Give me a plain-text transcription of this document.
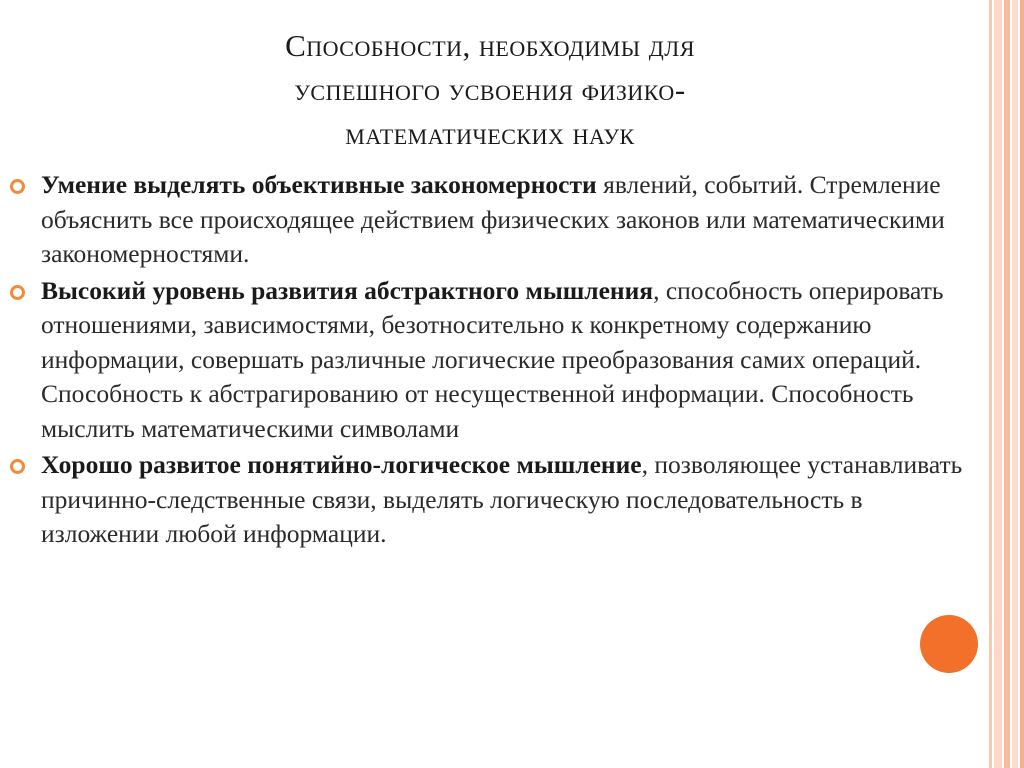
Способности, необходимы для
успешного усвоения физико-
математических наук
Умение выделять объективные закономерности явлений, событий. Стремление объяснить все происходящее действием физических законов или математическими закономерностями.
Высокий уровень развития абстрактного мышления, способность оперировать отношениями, зависимостями, безотносительно к конкретному содержанию информации, совершать различные логические преобразования самих операций. Способность к абстрагированию от несущественной информации. Способность мыслить математическими символами
Хорошо развитое понятийно-логическое мышление, позволяющее устанавливать причинно-следственные связи, выделять логическую последовательность в изложении любой информации.
